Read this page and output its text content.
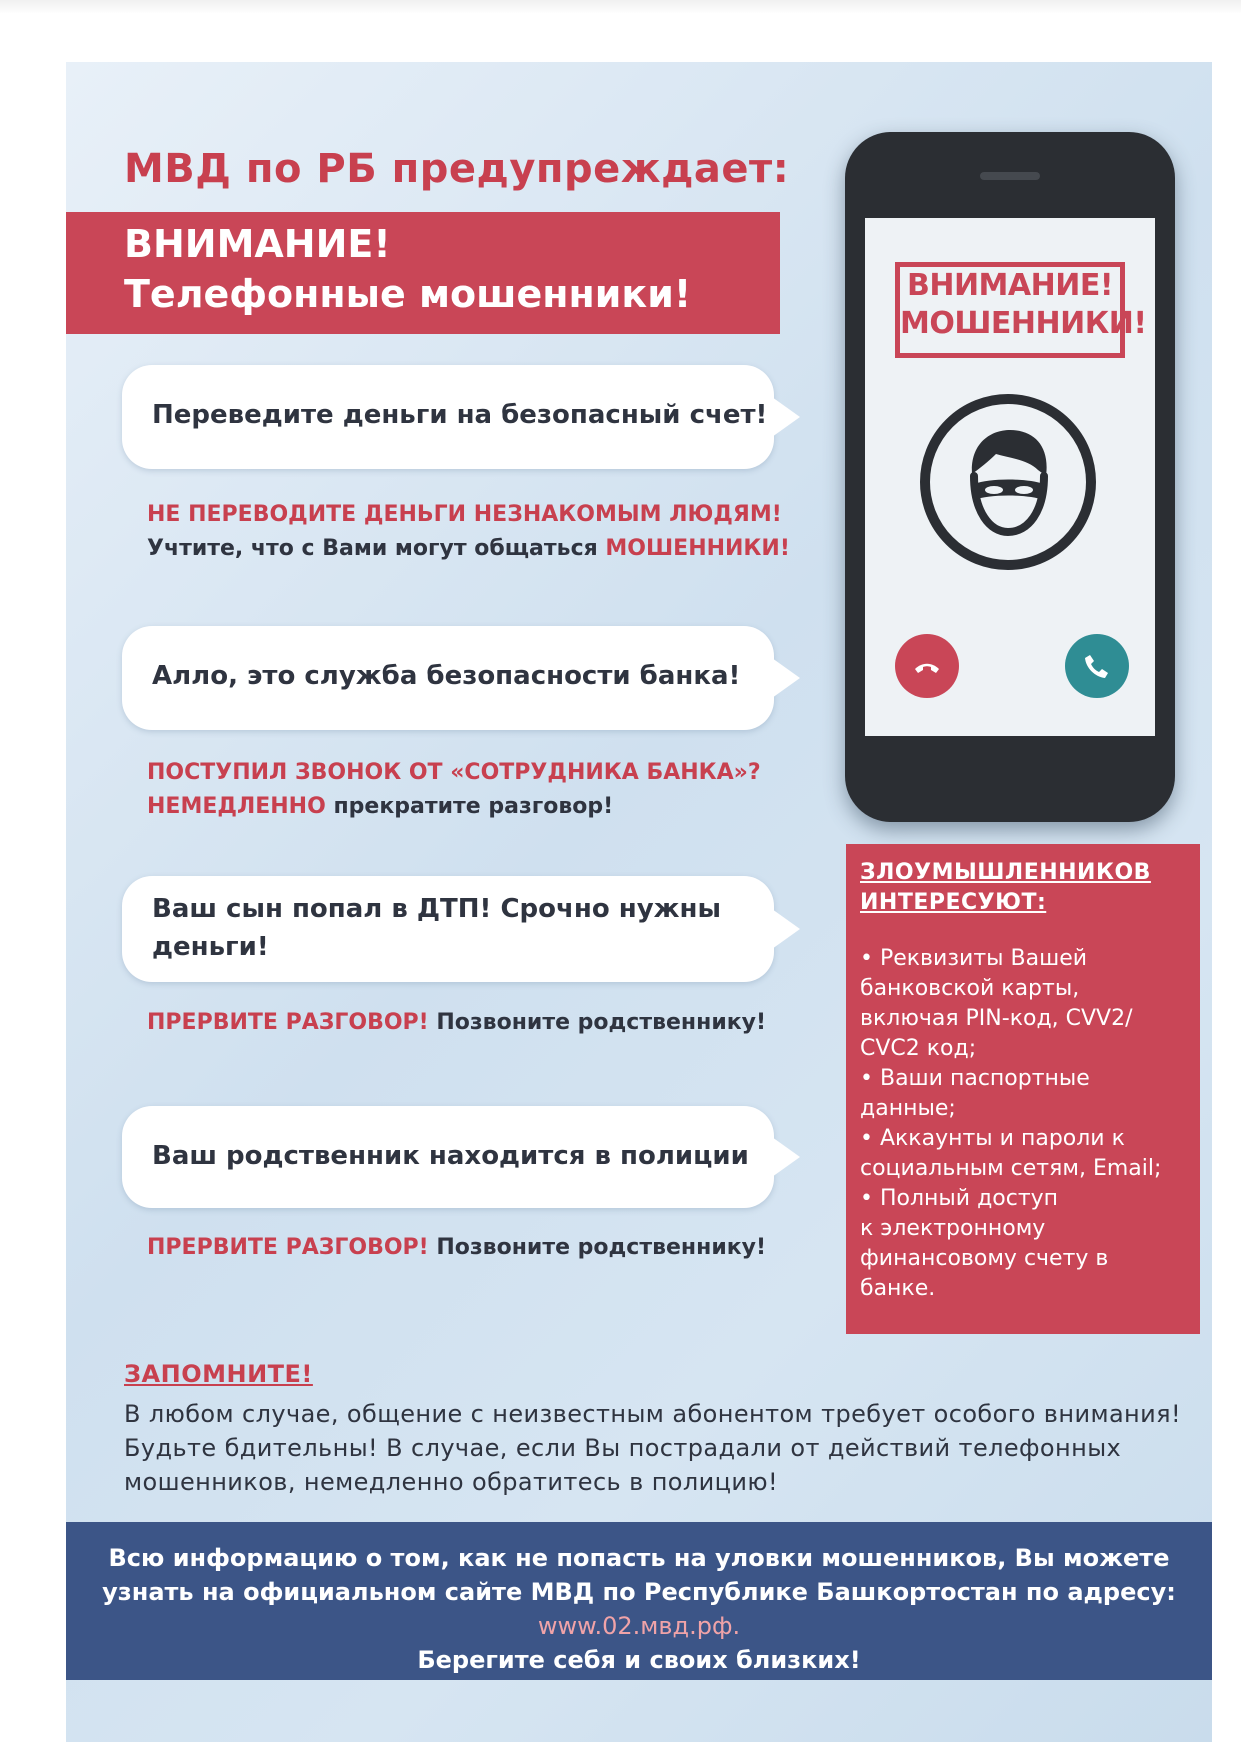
МВД по РБ предупреждает:
ВНИМАНИЕ!
Телефонные мошенники!
Переведите деньги на безопасный счет!
НЕ ПЕРЕВОДИТЕ ДЕНЬГИ НЕЗНАКОМЫМ ЛЮДЯМ!
Учтите, что с Вами могут общаться МОШЕННИКИ!
Алло, это служба безопасности банка!
ПОСТУПИЛ ЗВОНОК ОТ «СОТРУДНИКА БАНКА»?
НЕМЕДЛЕННО прекратите разговор!
Ваш сын попал в ДТП! Срочно нужны
деньги!
ПРЕРВИТЕ РАЗГОВОР! Позвоните родственнику!
Ваш родственник находится в полиции
ПРЕРВИТЕ РАЗГОВОР! Позвоните родственнику!
ВНИМАНИЕ!
МОШЕННИКИ!
ЗЛОУМЫШЛЕННИКОВ
ИНТЕРЕСУЮТ:
• Реквизиты Вашей
банковской карты,
включая PIN-код, CVV2/
CVC2 код;
• Ваши паспортные
данные;
• Аккаунты и пароли к
социальным сетям, Email;
• Полный доступ
к электронному
финансовому счету в
банке.
ЗАПОМНИТЕ!
В любом случае, общение с неизвестным абонентом требует особого внимания!
Будьте бдительны! В случае, если Вы пострадали от действий телефонных
мошенников, немедленно обратитесь в полицию!
Всю информацию о том, как не попасть на уловки мошенников, Вы можете
узнать на официальном сайте МВД по Республике Башкортостан по адресу:
www.02.мвд.рф.
Берегите себя и своих близких!
